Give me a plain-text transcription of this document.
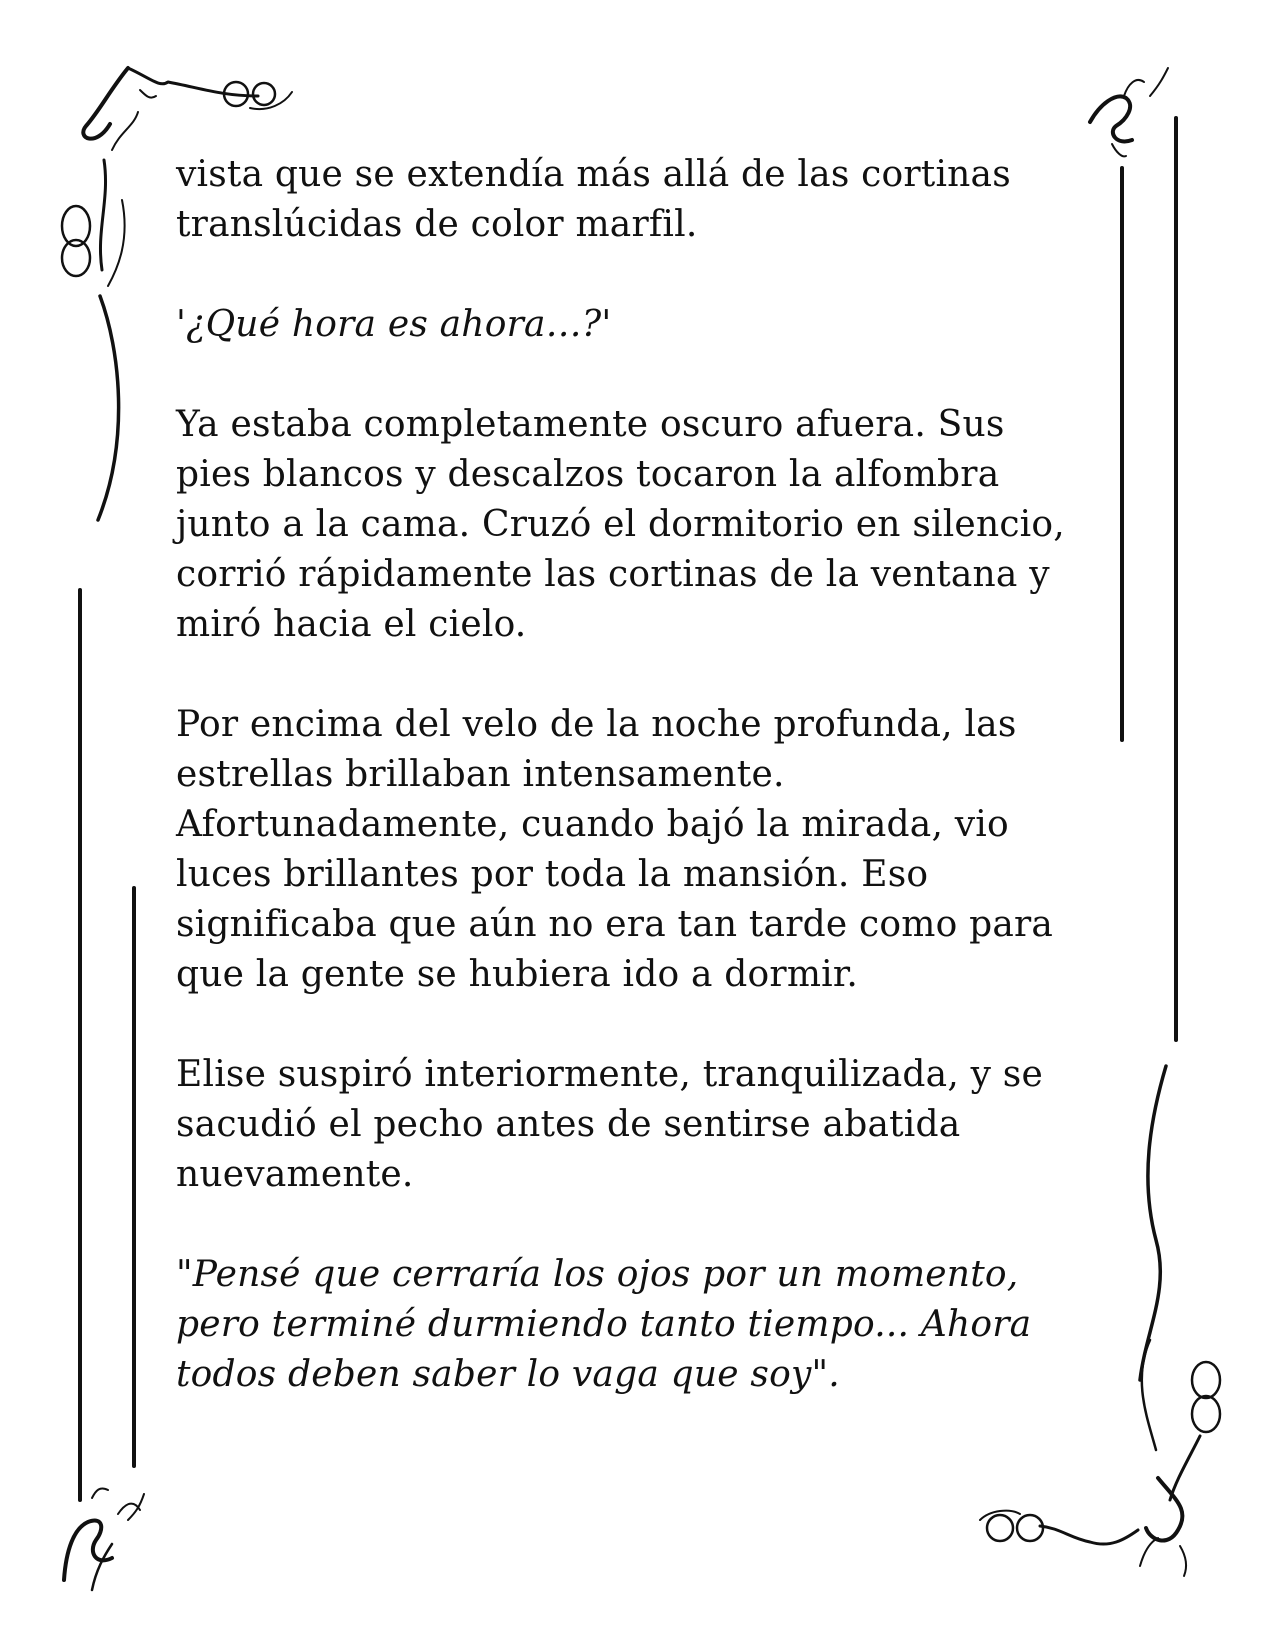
vista que se extendía más allá de las cortinas
translúcidas de color marfil.

'¿Qué hora es ahora…?'

Ya estaba completamente oscuro afuera. Sus
pies blancos y descalzos tocaron la alfombra
junto a la cama. Cruzó el dormitorio en silencio,
corrió rápidamente las cortinas de la ventana y
miró hacia el cielo.

Por encima del velo de la noche profunda, las
estrellas brillaban intensamente.
Afortunadamente, cuando bajó la mirada, vio
luces brillantes por toda la mansión. Eso
significaba que aún no era tan tarde como para
que la gente se hubiera ido a dormir.

Elise suspiró interiormente, tranquilizada, y se
sacudió el pecho antes de sentirse abatida
nuevamente.

"Pensé que cerraría los ojos por un momento,
pero terminé durmiendo tanto tiempo... Ahora
todos deben saber lo vaga que soy".
